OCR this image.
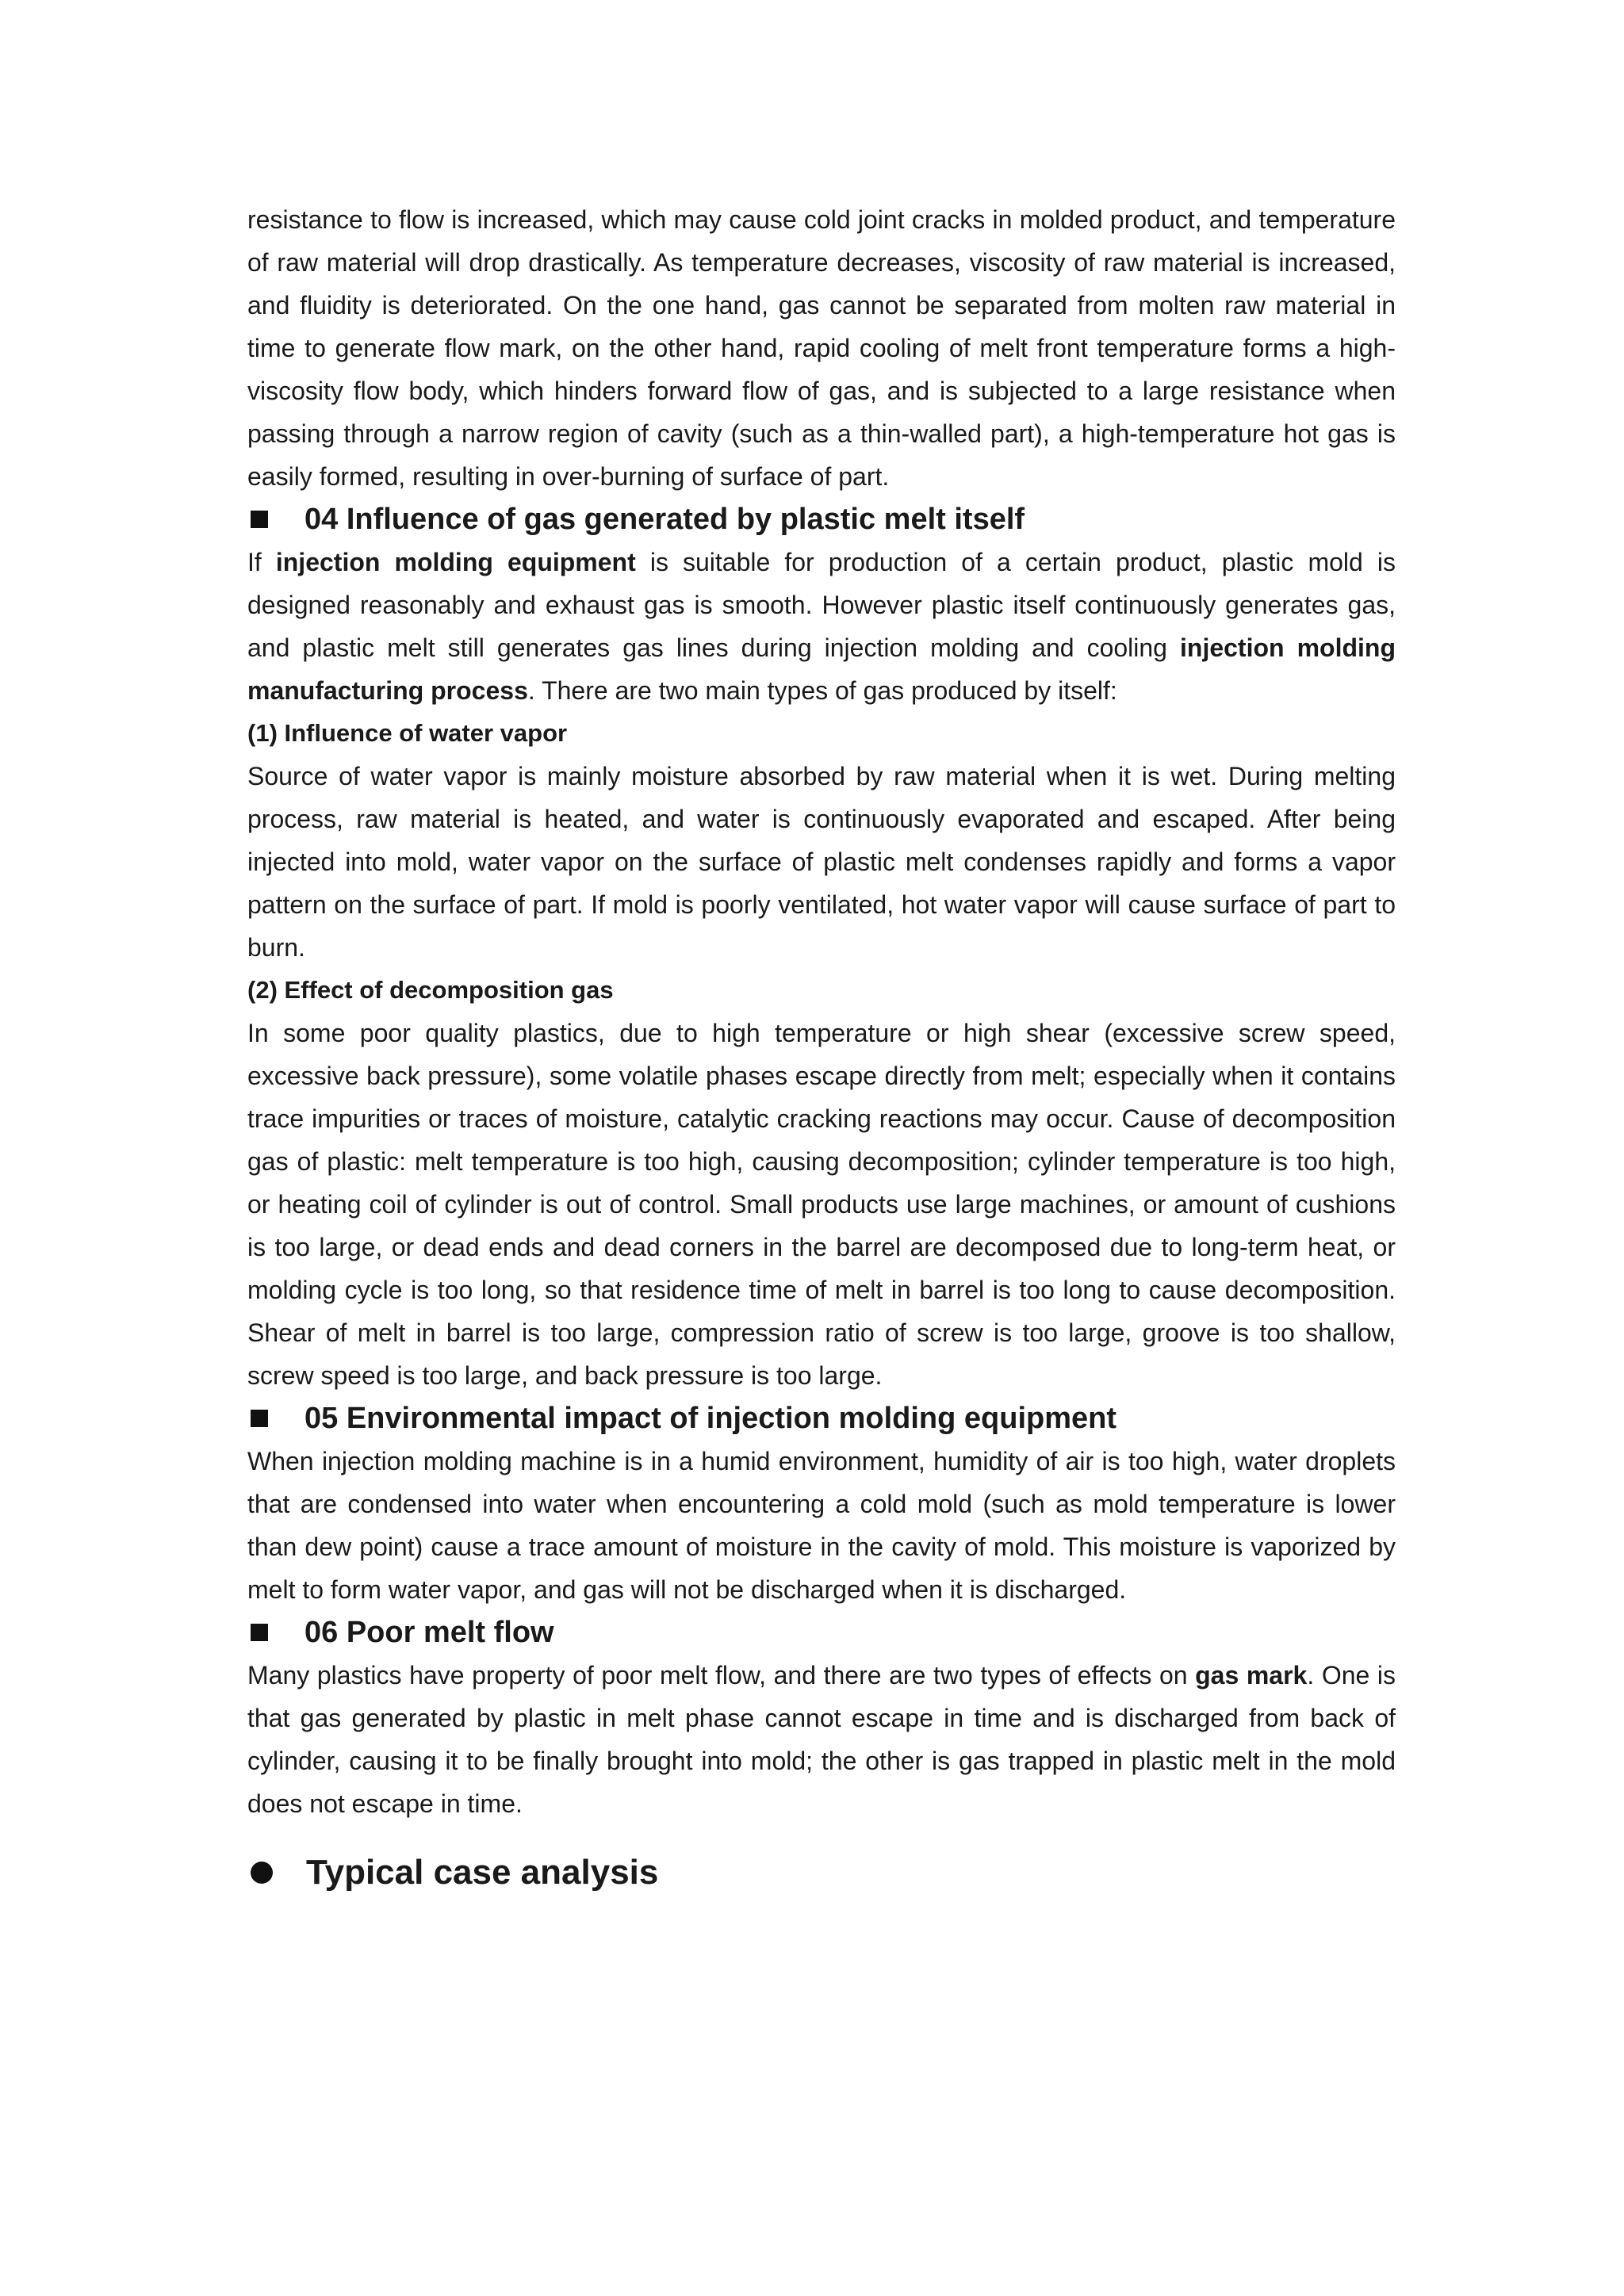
resistance to flow is increased, which may cause cold joint cracks in molded product, and temperature of raw material will drop drastically. As temperature decreases, viscosity of raw material is increased, and fluidity is deteriorated. On the one hand, gas cannot be separated from molten raw material in time to generate flow mark, on the other hand, rapid cooling of melt front temperature forms a high-viscosity flow body, which hinders forward flow of gas, and is subjected to a large resistance when passing through a narrow region of cavity (such as a thin-walled part), a high-temperature hot gas is easily formed, resulting in over-burning of surface of part.

04 Influence of gas generated by plastic melt itself

If injection molding equipment is suitable for production of a certain product, plastic mold is designed reasonably and exhaust gas is smooth. However plastic itself continuously generates gas, and plastic melt still generates gas lines during injection molding and cooling injection molding manufacturing process. There are two main types of gas produced by itself:

(1) Influence of water vapor

Source of water vapor is mainly moisture absorbed by raw material when it is wet. During melting process, raw material is heated, and water is continuously evaporated and escaped. After being injected into mold, water vapor on the surface of plastic melt condenses rapidly and forms a vapor pattern on the surface of part. If mold is poorly ventilated, hot water vapor will cause surface of part to burn.

(2) Effect of decomposition gas

In some poor quality plastics, due to high temperature or high shear (excessive screw speed, excessive back pressure), some volatile phases escape directly from melt; especially when it contains trace impurities or traces of moisture, catalytic cracking reactions may occur. Cause of decomposition gas of plastic: melt temperature is too high, causing decomposition; cylinder temperature is too high, or heating coil of cylinder is out of control. Small products use large machines, or amount of cushions is too large, or dead ends and dead corners in the barrel are decomposed due to long-term heat, or molding cycle is too long, so that residence time of melt in barrel is too long to cause decomposition. Shear of melt in barrel is too large, compression ratio of screw is too large, groove is too shallow, screw speed is too large, and back pressure is too large.

05 Environmental impact of injection molding equipment

When injection molding machine is in a humid environment, humidity of air is too high, water droplets that are condensed into water when encountering a cold mold (such as mold temperature is lower than dew point) cause a trace amount of moisture in the cavity of mold. This moisture is vaporized by melt to form water vapor, and gas will not be discharged when it is discharged.

06 Poor melt flow

Many plastics have property of poor melt flow, and there are two types of effects on gas mark. One is that gas generated by plastic in melt phase cannot escape in time and is discharged from back of cylinder, causing it to be finally brought into mold; the other is gas trapped in plastic melt in the mold does not escape in time.

Typical case analysis
